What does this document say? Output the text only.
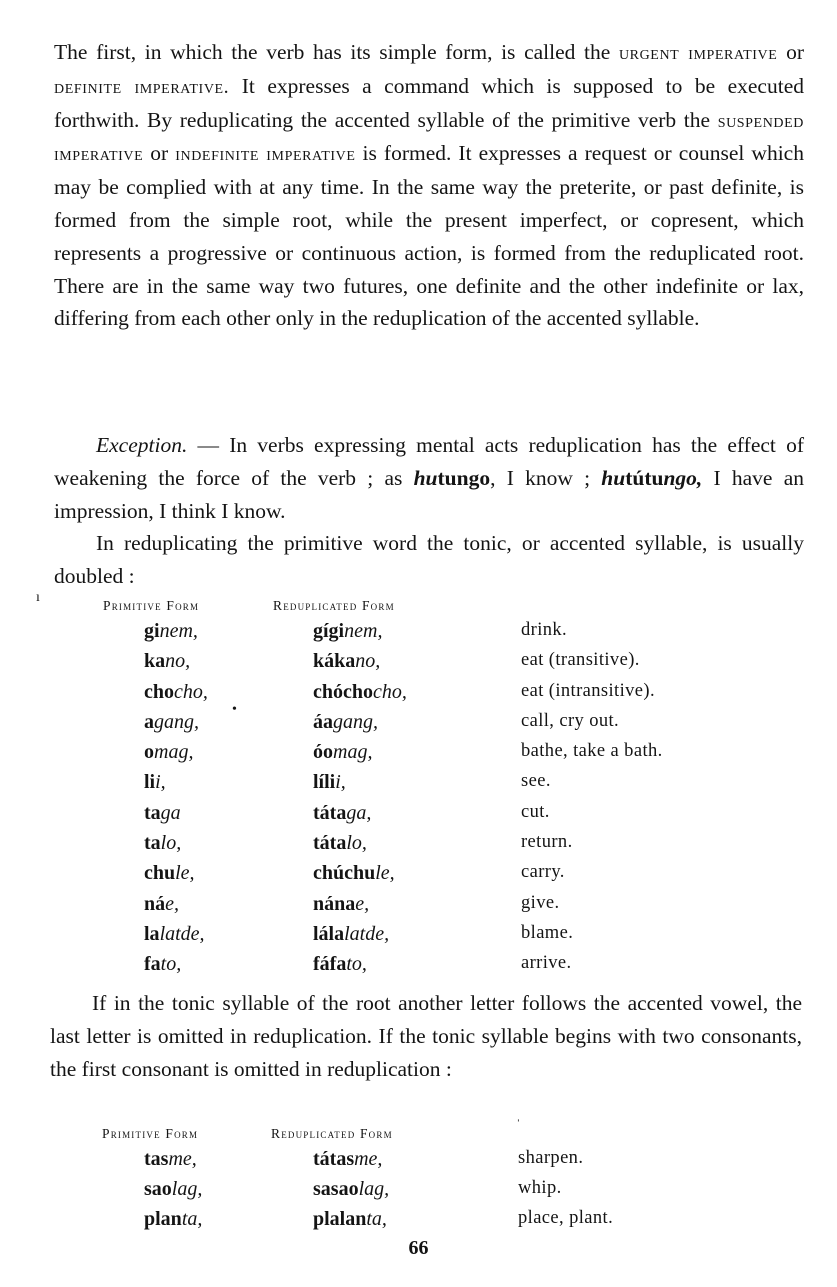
The first, in which the verb has its simple form, is called the urgent imperative or definite imperative. It expresses a command which is supposed to be executed forthwith. By reduplicating the accented syllable of the primitive verb the suspended imperative or indefinite imperative is formed. It expresses a request or counsel which may be complied with at any time. In the same way the preterite, or past definite, is formed from the simple root, while the present imperfect, or copresent, which represents a progressive or continuous action, is formed from the reduplicated root. There are in the same way two futures, one definite and the other indefinite or lax, differing from each other only in the reduplication of the accented syllable.

Exception. — In verbs expressing mental acts reduplication has the effect of weakening the force of the verb ; as hutungo, I know ; hutútungo, I have an impression, I think I know.

In reduplicating the primitive word the tonic, or accented syllable, is usually doubled :

ı
Primitive Form	Reduplicated Form
•
ginem,	gíginem,	drink.
kano,	kákano,	eat (transitive).
chocho,	chóchocho,	eat (intransitive).
agang,	áagang,	call, cry out.
omag,	óomag,	bathe, take a bath.
lii,	lílii,	see.
taga	tátaga,	cut.
talo,	tátalo,	return.
chule,	chúchule,	carry.
náe,	nánae,	give.
lalatde,	lálalatde,	blame.
fato,	fáfato,	arrive.

If in the tonic syllable of the root another letter follows the accented vowel, the last letter is omitted in reduplication. If the tonic syllable begins with two consonants, the first consonant is omitted in reduplication :

Primitive Form	Reduplicated Form
ˈ
tasme,	tátasme,	sharpen.
saolag,	sasaolag,	whip.
planta,	plalanta,	place, plant.
66
